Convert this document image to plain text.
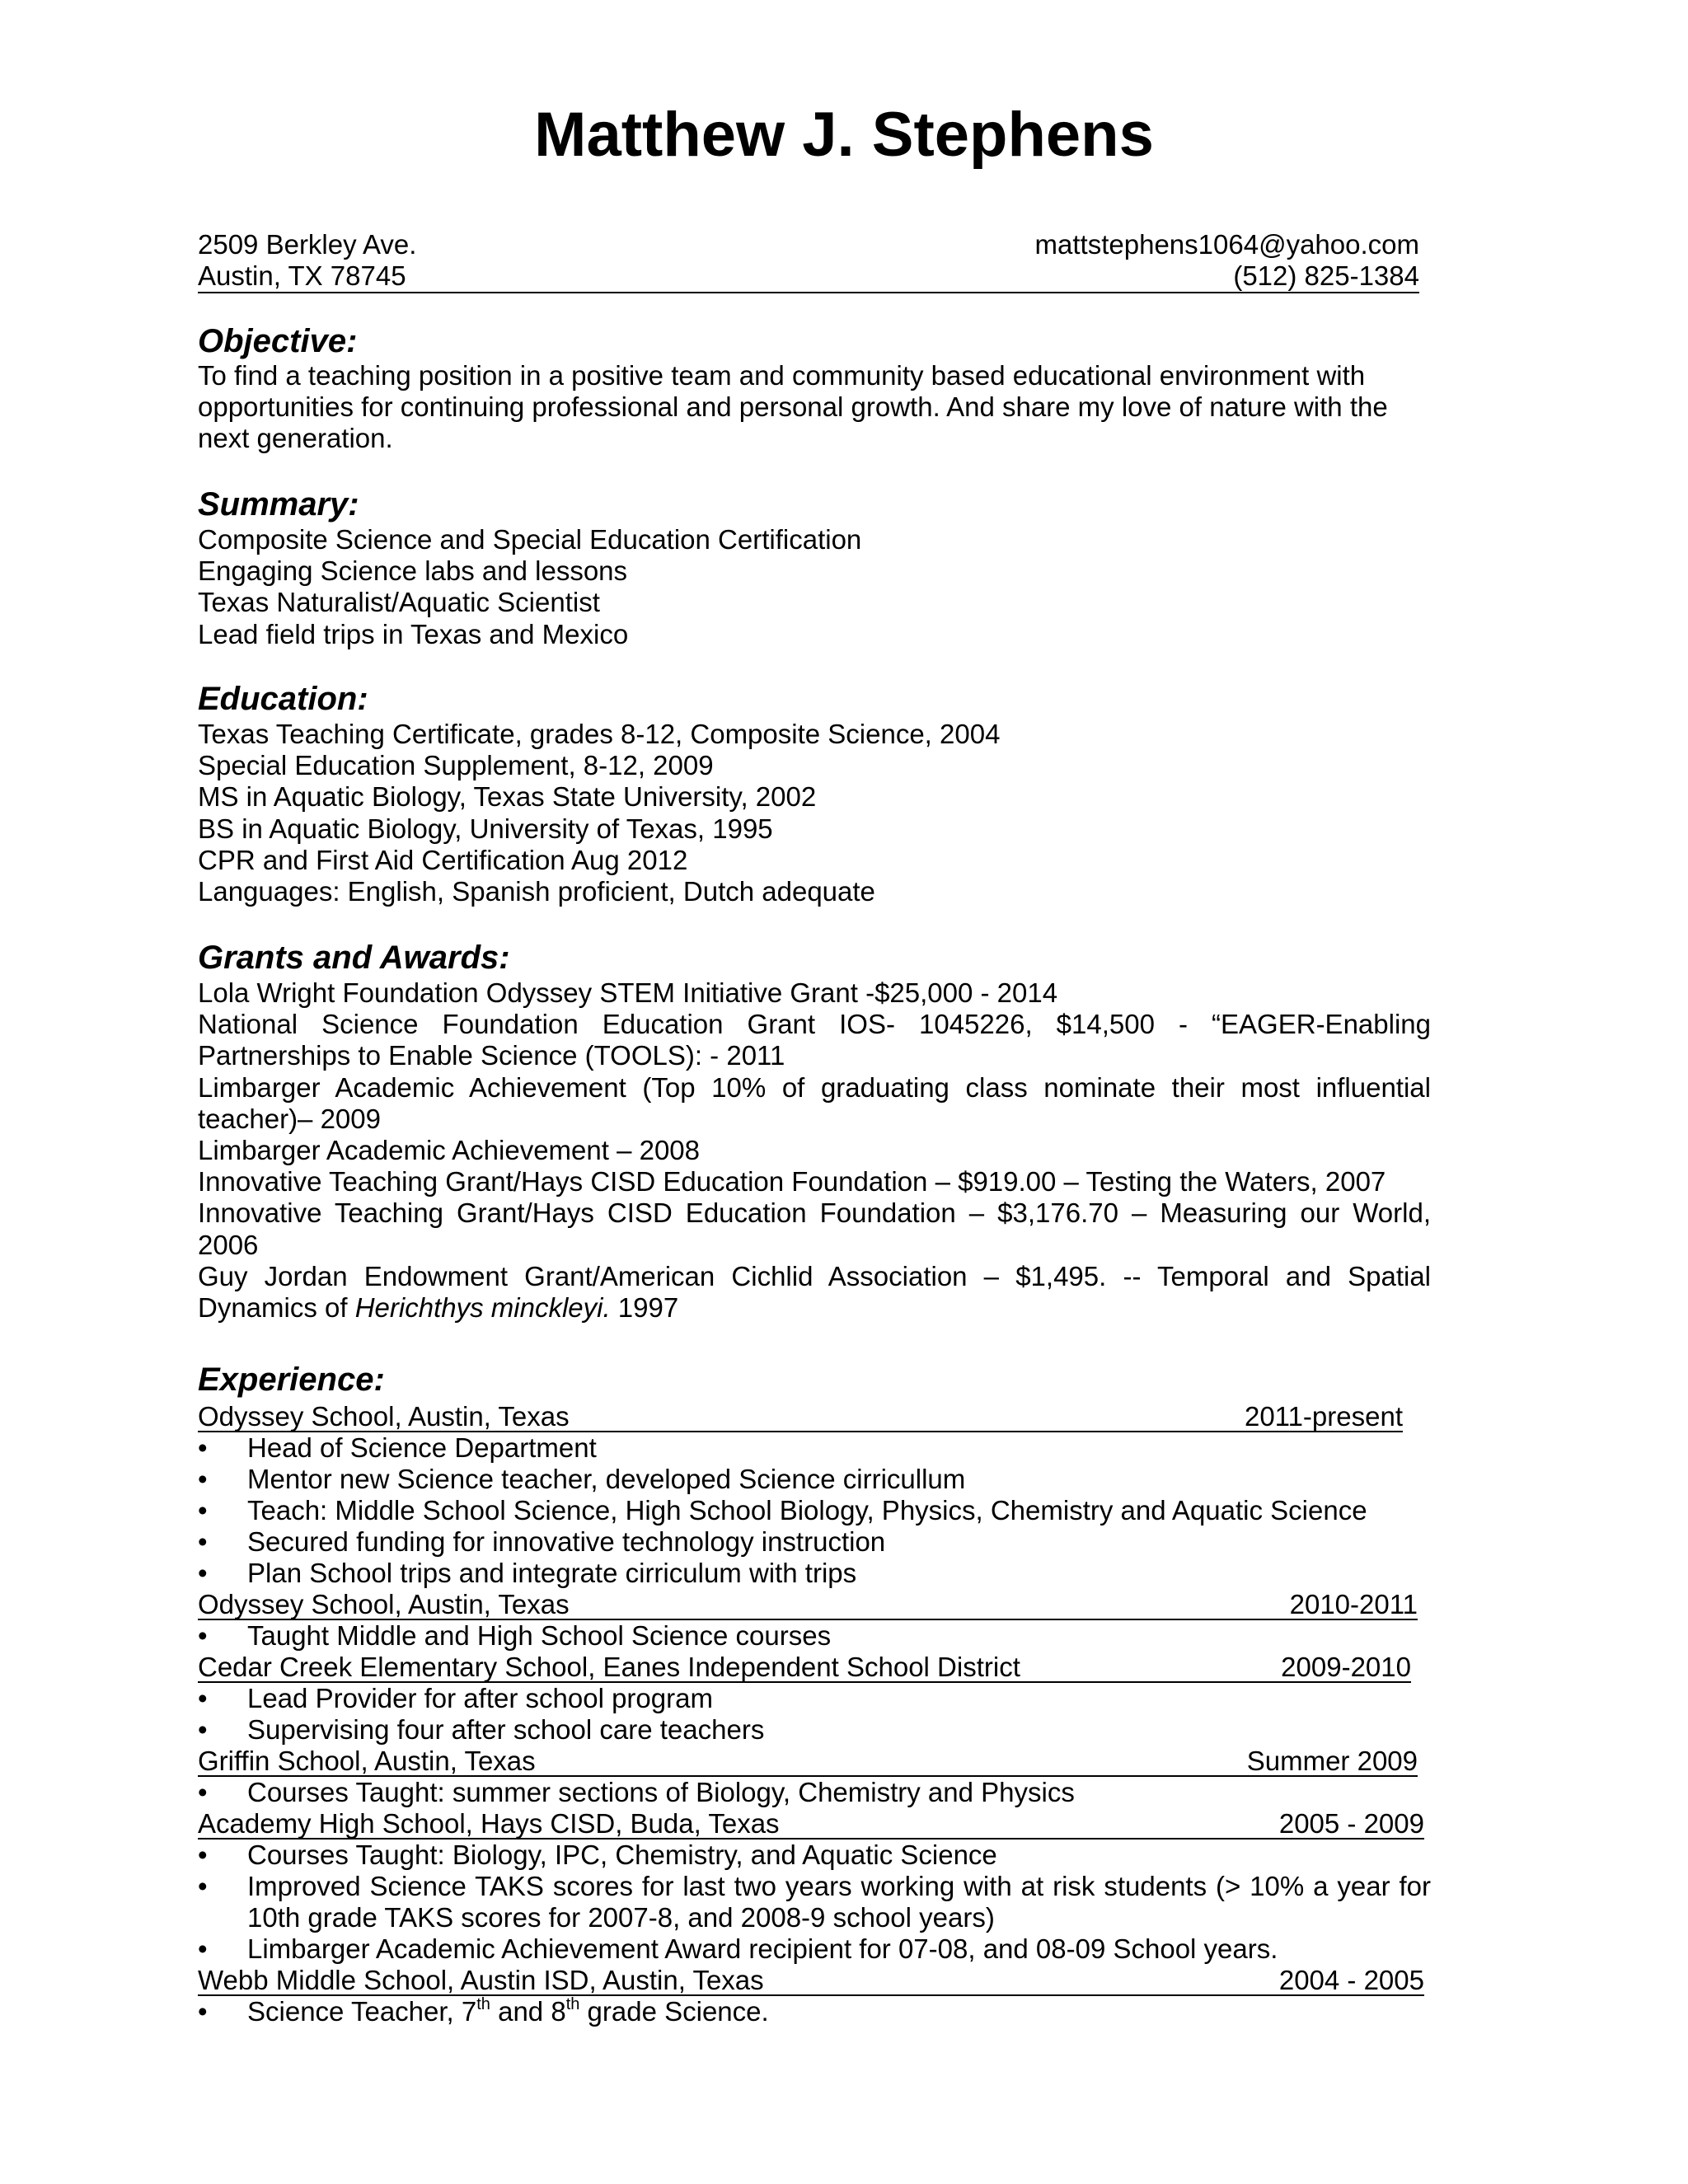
Matthew J. Stephens
2509 Berkley Ave.	mattstephens1064@yahoo.com
Austin, TX 78745	(512) 825-1384
Objective:
To find a teaching position in a positive team and community based educational environment with
opportunities for continuing professional and personal growth. And share my love of nature with the
next generation.
Summary:
Composite Science and Special Education Certification
Engaging Science labs and lessons
Texas Naturalist/Aquatic Scientist
Lead field trips in Texas and Mexico
Education:
Texas Teaching Certificate, grades 8-12, Composite Science, 2004
Special Education Supplement, 8-12, 2009
MS in Aquatic Biology, Texas State University, 2002
BS in Aquatic Biology, University of Texas, 1995
CPR and First Aid Certification Aug 2012
Languages: English, Spanish proficient, Dutch adequate
Grants and Awards:
Lola Wright Foundation Odyssey STEM Initiative Grant -$25,000 - 2014
National Science Foundation Education Grant IOS- 1045226, $14,500 - “EAGER-Enabling
Partnerships to Enable Science (TOOLS): - 2011
Limbarger Academic Achievement (Top 10% of graduating class nominate their most influential
teacher)– 2009
Limbarger Academic Achievement – 2008
Innovative Teaching Grant/Hays CISD Education Foundation – $919.00 – Testing the Waters, 2007
Innovative Teaching Grant/Hays CISD Education Foundation – $3,176.70 – Measuring our World,
2006
Guy Jordan Endowment Grant/American Cichlid Association – $1,495. -- Temporal and Spatial
Dynamics of Herichthys minckleyi. 1997
Experience:
Odyssey School, Austin, Texas	2011-present
• Head of Science Department
• Mentor new Science teacher, developed Science cirricullum
• Teach: Middle School Science, High School Biology, Physics, Chemistry and Aquatic Science
• Secured funding for innovative technology instruction
• Plan School trips and integrate cirriculum with trips
Odyssey School, Austin, Texas	2010-2011
• Taught Middle and High School Science courses
Cedar Creek Elementary School, Eanes Independent School District	2009-2010
• Lead Provider for after school program
• Supervising four after school care teachers
Griffin School, Austin, Texas	Summer 2009
• Courses Taught: summer sections of Biology, Chemistry and Physics
Academy High School, Hays CISD, Buda, Texas	2005 - 2009
• Courses Taught: Biology, IPC, Chemistry, and Aquatic Science
• Improved Science TAKS scores for last two years working with at risk students (> 10% a year for
10th grade TAKS scores for 2007-8, and 2008-9 school years)
• Limbarger Academic Achievement Award recipient for 07-08, and 08-09 School years.
Webb Middle School, Austin ISD, Austin, Texas	2004 - 2005
• Science Teacher, 7th and 8th grade Science.
